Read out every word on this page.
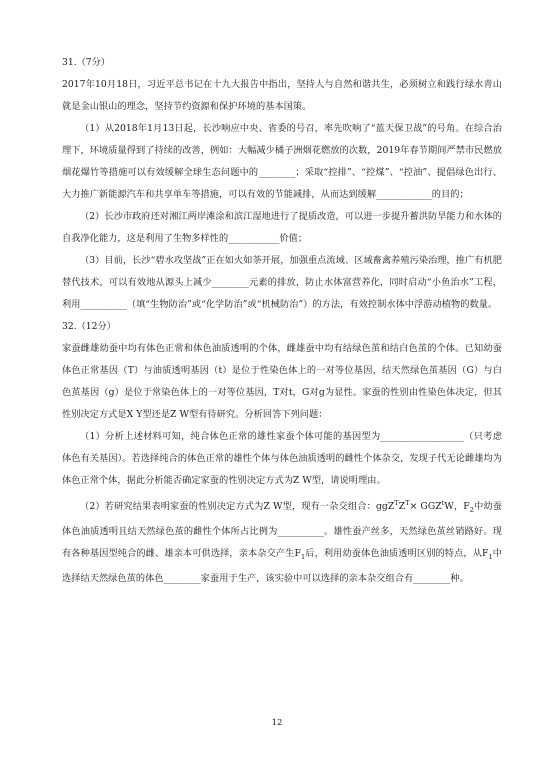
31.（7分）
2017年10月18日，习近平总书记在十九大报告中指出，坚持人与自然和谐共生，必须树立和践行绿水青山就是金山银山的理念，坚持节约资源和保护环境的基本国策。
（1）从2018年1月13日起，长沙响应中央、省委的号召，率先吹响了“蓝天保卫战”的号角。在综合治理下，环境质量得到了持续的改善，例如：大幅减少橘子洲烟花燃放的次数，2019年春节期间严禁市民燃放烟花爆竹等措施可以有效缓解全球生态问题中的________；采取“控排”、“控煤”、“控油”、提倡绿色出行、大力推广新能源汽车和共享单车等措施，可以有效的节能减排，从而达到缓解____________的目的；
（2）长沙市政府还对湘江两岸滩涂和滨江湿地进行了提质改造，可以进一步提升蓄洪防旱能力和水体的自我净化能力，这是利用了生物多样性的___________价值；
（3）目前，长沙“碧水攻坚战”正在如火如荼开展，加强重点流域、区域畜禽养殖污染治理，推广有机肥替代技术，可以有效地从源头上减少________元素的排放，防止水体富营养化，同时启动“小鱼治水”工程，利用__________（填“生物防治”或“化学防治”或“机械防治”）的方法，有效控制水体中浮游动植物的数量。
32.（12分）
家蚕雌雄幼蚕中均有体色正常和体色油质透明的个体，雌雄蚕中均有结绿色茧和结白色茧的个体。已知幼蚕体色正常基因（T）与油质透明基因（t）是位于性染色体上的一对等位基因，结天然绿色茧基因（G）与白色茧基因（g）是位于常染色体上的一对等位基因，T对t，G对g为显性。家蚕的性别由性染色体决定，但其性别决定方式是X Y型还是Z W型有待研究。分析回答下列问题：
（1）分析上述材料可知，纯合体色正常的雄性家蚕个体可能的基因型为__________________（只考虑体色有关基因）。若选择纯合的体色正常的雄性个体与体色油质透明的雌性个体杂交，发现子代无论雌雄均为体色正常个体，据此分析能否确定家蚕的性别决定方式为Z W型，请说明理由。
（2）若研究结果表明家蚕的性别决定方式为Z W型，现有一杂交组合：$ggZ^TZ^T\times GGZ^tW$，$F_2$中幼蚕体色油质透明且结天然绿色茧的雌性个体所占比例为__________。雄性蚕产丝多，天然绿色茧丝销路好。现有各种基因型纯合的雌、雄亲本可供选择，亲本杂交产生$F_1$后，利用幼蚕体色油质透明区别的特点，从$F_1$中选择结天然绿色茧的体色________家蚕用于生产，该实验中可以选择的亲本杂交组合有________种。
12
